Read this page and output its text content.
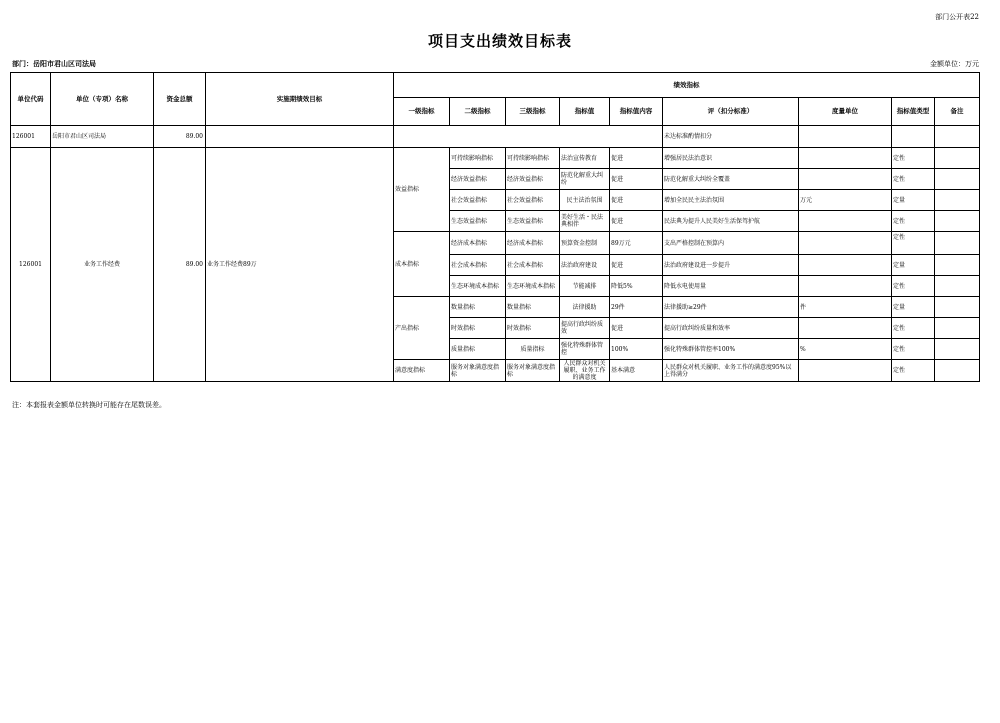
部门公开表22
项目支出绩效目标表
部门：岳阳市君山区司法局	金额单位：万元
单位代码	单位（专项）名称	资金总额	实施期绩效目标	绩效指标								
				一级指标	二级指标	三级指标	指标值	指标值内容	评（扣分标准）	度量单位	指标值类型	备注
126001	岳阳市君山区司法局	89.00							未达标准酌情扣分			
126001	业务工作经费	89.00	业务工作经费89万	效益指标	可持续影响指标	可持续影响指标	法治宣传教育	促进	增强居民法治意识		定性	
					经济效益指标	经济效益指标	防范化解重大纠纷	促进	防范化解重大纠纷全覆盖		定性	
					社会效益指标	社会效益指标	民主法治氛围	促进	增加全民民主法治氛围	万元	定量	
					生态效益指标	生态效益指标	美好生活・民法典相伴	促进	民法典为提升人民美好生活保驾护航		定性	
				成本指标	经济成本指标	经济成本指标	预算资金控制	89万元	支出严格控制在预算内		定性	
					社会成本指标	社会成本指标	法治政府建设	促进	法治政府建设进一步提升		定量	
					生态环境成本指标	生态环境成本指标	节能减排	降低5%	降低水电使用量		定性	
				产出指标	数量指标	数量指标	法律援助	29件	法律援助≥29件	件	定量	
					时效指标	时效指标	提高行政纠纷质效	促进	提高行政纠纷质量和效率		定性	
					质量指标	质量指标	强化特殊群体管控	100%	强化特殊群体管控率100%	%	定性	
				满意度指标	服务对象满意度指标	服务对象满意度指标	人民群众对机关履职、业务工作的满意度	基本满意	人民群众对机关履职、业务工作的满意度95%以上得满分		定性	
注：本套报表金额单位转换时可能存在尾数误差。
